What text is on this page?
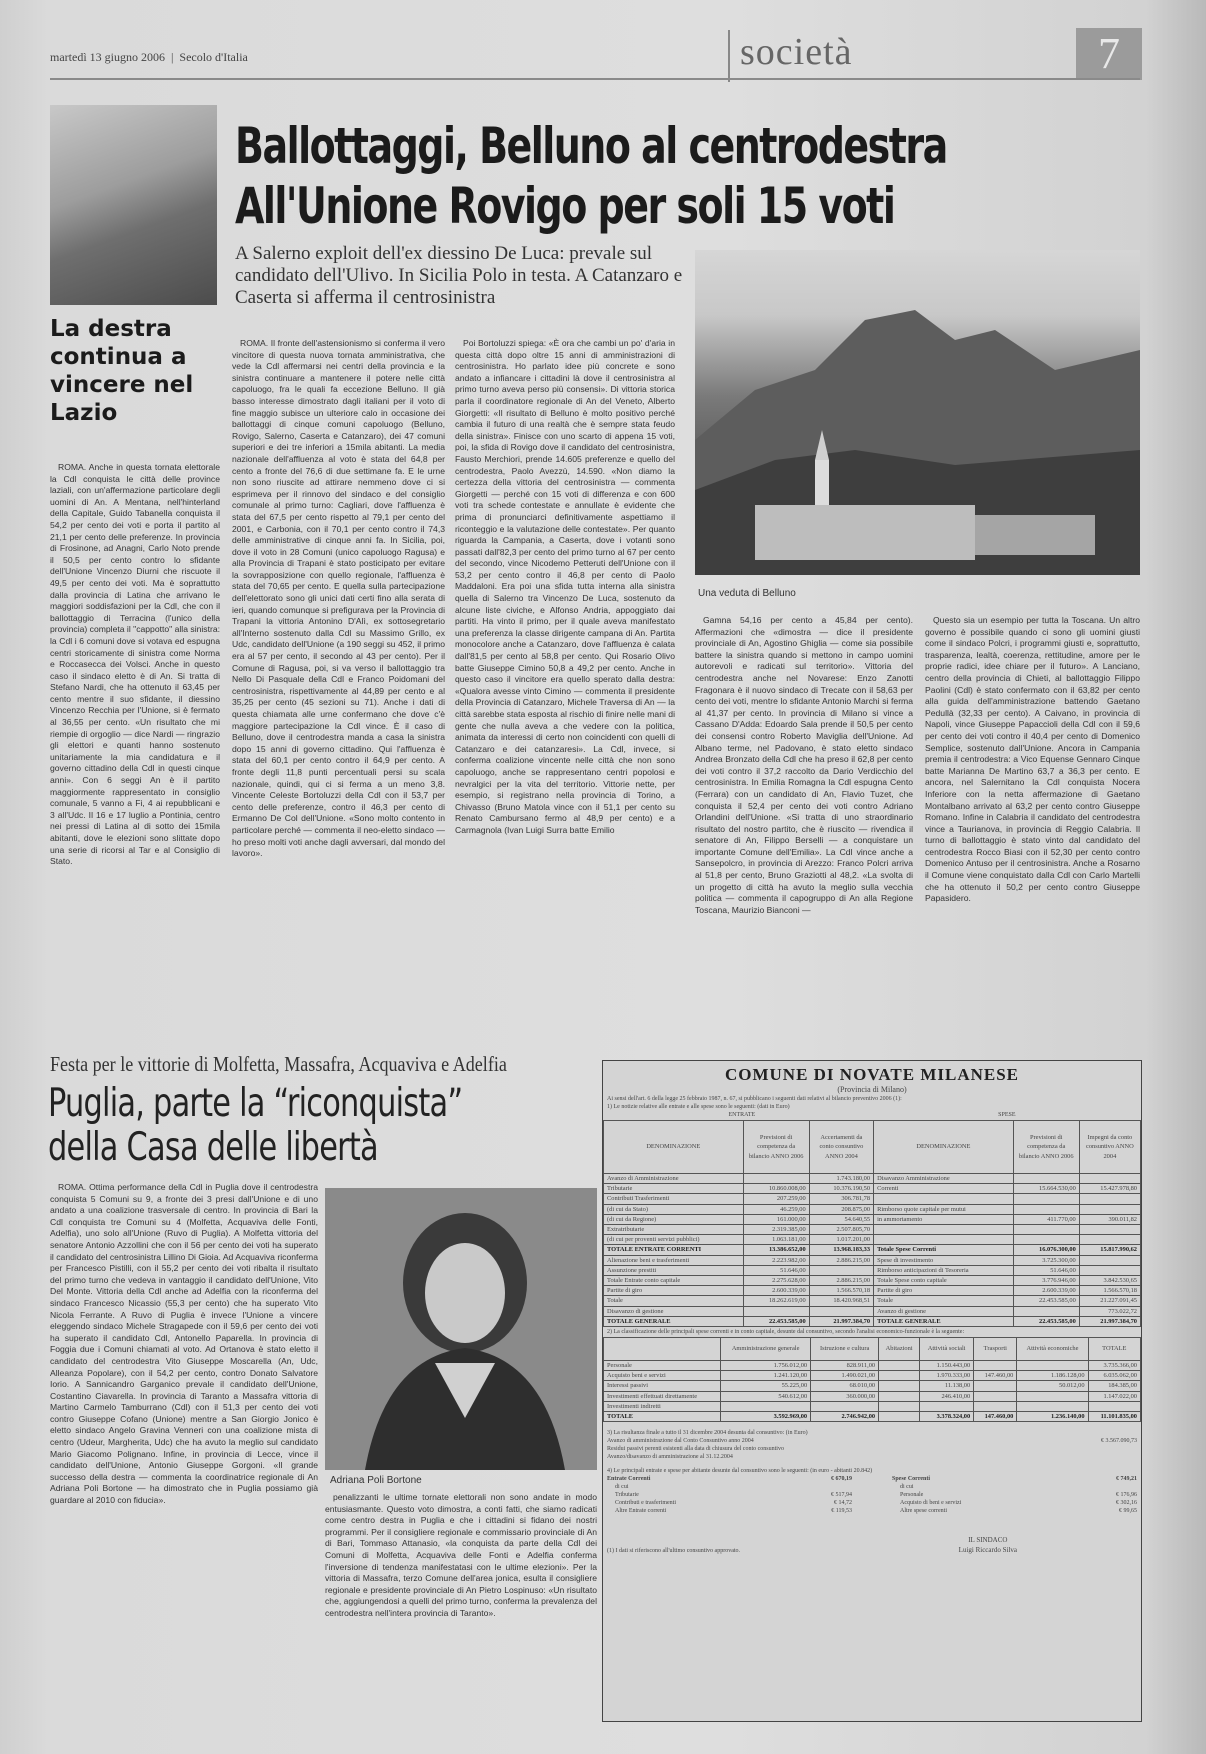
martedì 13 giugno 2006  |  Secolo d'Italia	società	7
Ballottaggi, Belluno al centrodestra
All'Unione Rovigo per soli 15 voti
A Salerno exploit dell'ex diessino De Luca: prevale sul candidato dell'Ulivo. In Sicilia Polo in testa. A Catanzaro e Caserta si afferma il centrosinistra
Una veduta di Belluno
La destra continua a vincere nel Lazio

ROMA. Anche in questa tornata elettorale la Cdl conquista le città delle province laziali, con un'affermazione particolare degli uomini di An. A Mentana, nell'hinterland della Capitale, Guido Tabanella conquista il 54,2 per cento dei voti e porta il partito al 21,1 per cento delle preferenze. In provincia di Frosinone, ad Anagni, Carlo Noto prende il 50,5 per cento contro lo sfidante dell'Unione Vincenzo Diurni che riscuote il 49,5 per cento dei voti. Ma è soprattutto dalla provincia di Latina che arrivano le maggiori soddisfazioni per la Cdl, che con il ballottaggio di Terracina (l'unico della provincia) completa il "cappotto" alla sinistra: la Cdl i 6 comuni dove si votava ed espugna centri storicamente di sinistra come Norma e Roccasecca dei Volsci. Anche in questo caso il sindaco eletto è di An. Si tratta di Stefano Nardi, che ha ottenuto il 63,45 per cento mentre il suo sfidante, il diessino Vincenzo Recchia per l'Unione, si è fermato al 36,55 per cento. «Un risultato che mi riempie di orgoglio — dice Nardi — ringrazio gli elettori e quanti hanno sostenuto unitariamente la mia candidatura e il governo cittadino della Cdl in questi cinque anni». Con 6 seggi An è il partito maggiormente rappresentato in consiglio comunale, 5 vanno a Fi, 4 ai repubblicani e 3 all'Udc. Il 16 e 17 luglio a Pontinia, centro nei pressi di Latina al di sotto dei 15mila abitanti, dove le elezioni sono slittate dopo una serie di ricorsi al Tar e al Consiglio di Stato.

ROMA. Il fronte dell'astensionismo si conferma il vero vincitore di questa nuova tornata amministrativa, che vede la Cdl affermarsi nei centri della provincia e la sinistra continuare a mantenere il potere nelle città capoluogo, fra le quali fa eccezione Belluno. Il già basso interesse dimostrato dagli italiani per il voto di fine maggio subisce un ulteriore calo in occasione dei ballottaggi di cinque comuni capoluogo (Belluno, Rovigo, Salerno, Caserta e Catanzaro), dei 47 comuni superiori e dei tre inferiori a 15mila abitanti. La media nazionale dell'affluenza al voto è stata del 64,8 per cento a fronte del 76,6 di due settimane fa. E le urne non sono riuscite ad attirare nemmeno dove ci si esprimeva per il rinnovo del sindaco e del consiglio comunale al primo turno: Cagliari, dove l'affluenza è stata del 67,5 per cento rispetto al 79,1 per cento del 2001, e Carbonia, con il 70,1 per cento contro il 74,3 delle amministrative di cinque anni fa. In Sicilia, poi, dove il voto in 28 Comuni (unico capoluogo Ragusa) e alla Provincia di Trapani è stato posticipato per evitare la sovrapposizione con quello regionale, l'affluenza è stata del 70,65 per cento. E quella sulla partecipazione dell'elettorato sono gli unici dati certi fino alla serata di ieri, quando comunque si prefigurava per la Provincia di Trapani la vittoria Antonino D'Alì, ex sottosegretario all'Interno sostenuto dalla Cdl su Massimo Grillo, ex Udc, candidato dell'Unione (a 190 seggi su 452, il primo era al 57 per cento, il secondo al 43 per cento). Per il Comune di Ragusa, poi, si va verso il ballottaggio tra Nello Di Pasquale della Cdl e Franco Poidomani del centrosinistra, rispettivamente al 44,89 per cento e al 35,25 per cento (45 sezioni su 71). Anche i dati di questa chiamata alle urne confermano che dove c'è maggiore partecipazione la Cdl vince. È il caso di Belluno, dove il centrodestra manda a casa la sinistra dopo 15 anni di governo cittadino. Qui l'affluenza è stata del 60,1 per cento contro il 64,9 per cento. A fronte degli 11,8 punti percentuali persi su scala nazionale, quindi, qui ci si ferma a un meno 3,8. Vincente Celeste Bortoluzzi della Cdl con il 53,7 per cento delle preferenze, contro il 46,3 per cento di Ermanno De Col dell'Unione. «Sono molto contento in particolare perché — commenta il neo-eletto sindaco — ho preso molti voti anche dagli avversari, dal mondo del lavoro».

Poi Bortoluzzi spiega: «È ora che cambi un po' d'aria in questa città dopo oltre 15 anni di amministrazioni di centrosinistra. Ho parlato idee più concrete e sono andato a infiancare i cittadini là dove il centrosinistra al primo turno aveva perso più consensi». Di vittoria storica parla il coordinatore regionale di An del Veneto, Alberto Giorgetti: «Il risultato di Belluno è molto positivo perché cambia il futuro di una realtà che è sempre stata feudo della sinistra». Finisce con uno scarto di appena 15 voti, poi, la sfida di Rovigo dove il candidato del centrosinistra, Fausto Merchiori, prende 14.605 preferenze e quello del centrodestra, Paolo Avezzù, 14.590. «Non diamo la certezza della vittoria del centrosinistra — commenta Giorgetti — perché con 15 voti di differenza e con 600 voti tra schede contestate e annullate è evidente che prima di pronunciarci definitivamente aspettiamo il riconteggio e la valutazione delle contestate». Per quanto riguarda la Campania, a Caserta, dove i votanti sono passati dall'82,3 per cento del primo turno al 67 per cento del secondo, vince Nicodemo Petteruti dell'Unione con il 53,2 per cento contro il 46,8 per cento di Paolo Maddaloni. Era poi una sfida tutta interna alla sinistra quella di Salerno tra Vincenzo De Luca, sostenuto da alcune liste civiche, e Alfonso Andria, appoggiato dai partiti. Ha vinto il primo, per il quale aveva manifestato una preferenza la classe dirigente campana di An. Partita monocolore anche a Catanzaro, dove l'affluenza è calata dall'81,5 per cento al 58,8 per cento. Qui Rosario Olivo batte Giuseppe Cimino 50,8 a 49,2 per cento. Anche in questo caso il vincitore era quello sperato dalla destra: «Qualora avesse vinto Cimino — commenta il presidente della Provincia di Catanzaro, Michele Traversa di An — la città sarebbe stata esposta al rischio di finire nelle mani di gente che nulla aveva a che vedere con la politica, animata da interessi di certo non coincidenti con quelli di Catanzaro e dei catanzaresi». La Cdl, invece, si conferma coalizione vincente nelle città che non sono capoluogo, anche se rappresentano centri popolosi e nevralgici per la vita del territorio. Vittorie nette, per esempio, si registrano nella provincia di Torino, a Chivasso (Bruno Matola vince con il 51,1 per cento su Renato Cambursano fermo al 48,9 per cento) e a Carmagnola (Ivan Luigi Surra batte Emilio

Gamna 54,16 per cento a 45,84 per cento). Affermazioni che «dimostra — dice il presidente provinciale di An, Agostino Ghiglia — come sia possibile battere la sinistra quando si mettono in campo uomini autorevoli e radicati sul territorio». Vittoria del centrodestra anche nel Novarese: Enzo Zanotti Fragonara è il nuovo sindaco di Trecate con il 58,63 per cento dei voti, mentre lo sfidante Antonio Marchi si ferma al 41,37 per cento. In provincia di Milano si vince a Cassano D'Adda: Edoardo Sala prende il 50,5 per cento dei consensi contro Roberto Maviglia dell'Unione. Ad Albano terme, nel Padovano, è stato eletto sindaco Andrea Bronzato della Cdl che ha preso il 62,8 per cento dei voti contro il 37,2 raccolto da Dario Verdicchio del centrosinistra. In Emilia Romagna la Cdl espugna Cento (Ferrara) con un candidato di An, Flavio Tuzet, che conquista il 52,4 per cento dei voti contro Adriano Orlandini dell'Unione. «Si tratta di uno straordinario risultato del nostro partito, che è riuscito — rivendica il senatore di An, Filippo Berselli — a conquistare un importante Comune dell'Emilia». La Cdl vince anche a Sansepolcro, in provincia di Arezzo: Franco Polcri arriva al 51,8 per cento, Bruno Graziotti al 48,2. «La svolta di un progetto di città ha avuto la meglio sulla vecchia politica — commenta il capogruppo di An alla Regione Toscana, Maurizio Bianconi —

Questo sia un esempio per tutta la Toscana. Un altro governo è possibile quando ci sono gli uomini giusti come il sindaco Polcri, i programmi giusti e, soprattutto, trasparenza, lealtà, coerenza, rettitudine, amore per le proprie radici, idee chiare per il futuro». A Lanciano, centro della provincia di Chieti, al ballottaggio Filippo Paolini (Cdl) è stato confermato con il 63,82 per cento alla guida dell'amministrazione battendo Gaetano Pedullà (32,33 per cento). A Caivano, in provincia di Napoli, vince Giuseppe Papaccioli della Cdl con il 59,6 per cento dei voti contro il 40,4 per cento di Domenico Semplice, sostenuto dall'Unione. Ancora in Campania premia il centrodestra: a Vico Equense Gennaro Cinque batte Marianna De Martino 63,7 a 36,3 per cento. E ancora, nel Salernitano la Cdl conquista Nocera Inferiore con la netta affermazione di Gaetano Montalbano arrivato al 63,2 per cento contro Giuseppe Romano. Infine in Calabria il candidato del centrodestra vince a Taurianova, in provincia di Reggio Calabria. Il turno di ballottaggio è stato vinto dal candidato del centrodestra Rocco Biasi con il 52,30 per cento contro Domenico Antuso per il centrosinistra. Anche a Rosarno il Comune viene conquistato dalla Cdl con Carlo Martelli che ha ottenuto il 50,2 per cento contro Giuseppe Papasidero.

Festa per le vittorie di Molfetta, Massafra, Acquaviva e Adelfia
Puglia, parte la “riconquista”
della Casa delle libertà

ROMA. Ottima performance della Cdl in Puglia dove il centrodestra conquista 5 Comuni su 9, a fronte dei 3 presi dall'Unione e di uno andato a una coalizione trasversale di centro. In provincia di Bari la Cdl conquista tre Comuni su 4 (Molfetta, Acquaviva delle Fonti, Adelfia), uno solo all'Unione (Ruvo di Puglia). A Molfetta vittoria del senatore Antonio Azzollini che con il 56 per cento dei voti ha superato il candidato del centrosinistra Lillino Di Gioia. Ad Acquaviva riconferma per Francesco Pistilli, con il 55,2 per cento dei voti ribalta il risultato del primo turno che vedeva in vantaggio il candidato dell'Unione, Vito Del Monte. Vittoria della Cdl anche ad Adelfia con la riconferma del sindaco Francesco Nicassio (55,3 per cento) che ha superato Vito Nicola Ferrante. A Ruvo di Puglia è invece l'Unione a vincere eleggendo sindaco Michele Stragapede con il 59,6 per cento dei voti ha superato il candidato Cdl, Antonello Paparella. In provincia di Foggia due i Comuni chiamati al voto. Ad Ortanova è stato eletto il candidato del centrodestra Vito Giuseppe Moscarella (An, Udc, Alleanza Popolare), con il 54,2 per cento, contro Donato Salvatore Iorio. A Sannicandro Garganico prevale il candidato dell'Unione, Costantino Ciavarella. In provincia di Taranto a Massafra vittoria di Martino Carmelo Tamburrano (Cdl) con il 51,3 per cento dei voti contro Giuseppe Cofano (Unione) mentre a San Giorgio Jonico è eletto sindaco Angelo Gravina Venneri con una coalizione mista di centro (Udeur, Margherita, Udc) che ha avuto la meglio sul candidato Mario Giacomo Polignano. Infine, in provincia di Lecce, vince il candidato dell'Unione, Antonio Giuseppe Gorgoni. «Il grande successo della destra — commenta la coordinatrice regionale di An Adriana Poli Bortone — ha dimostrato che in Puglia possiamo già guardare al 2010 con fiducia».

Adriana Poli Bortone

penalizzanti le ultime tornate elettorali non sono andate in modo entusiasmante. Questo voto dimostra, a conti fatti, che siamo radicati come centro destra in Puglia e che i cittadini si fidano dei nostri programmi. Per il consigliere regionale e commissario provinciale di An di Bari, Tommaso Attanasio, «la conquista da parte della Cdl dei Comuni di Molfetta, Acquaviva delle Fonti e Adelfia conferma l'inversione di tendenza manifestatasi con le ultime elezioni». Per la vittoria di Massafra, terzo Comune dell'area jonica, esulta il consigliere regionale e presidente provinciale di An Pietro Lospinuso: «Un risultato che, aggiungendosi a quelli del primo turno, conferma la prevalenza del centrodestra nell'intera provincia di Taranto».

COMUNE DI NOVATE MILANESE
(Provincia di Milano)
Ai sensi dell'art. 6 della legge 25 febbraio 1987, n. 67, si pubblicano i seguenti dati relativi al bilancio preventivo 2006 (1):
1) Le notizie relative alle entrate e alle spese sono le seguenti: (dati in Euro)
ENTRATE	SPESE
DENOMINAZIONE	Previsioni di competenza da bilancio ANNO 2006	Accertamenti da conto consuntivo ANNO 2004	DENOMINAZIONE	Previsioni di competenza da bilancio ANNO 2006	Impegni da conto consuntivo ANNO 2004
Avanzo di Amministrazione		1.743.180,00	Disavanzo Amministrazione		
Tributarie	10.860.008,00	10.376.190,50	Correnti	15.664.530,00	15.427.978,80
Contributi Trasferimenti	207.259,00	306.781,78			
(di cui da Stato)	46.259,00	208.875,00	Rimborso quote capitale per mutui		
(di cui da Regione)	161.000,00	54.640,55	in ammortamento	411.770,00	390.011,82
Extratributarie	2.319.385,00	2.507.805,70			
(di cui per proventi servizi pubblici)	1.063.181,00	1.017.201,00			
TOTALE ENTRATE CORRENTI	13.386.652,00	13.968.183,33	Totale Spese Correnti	16.076.300,00	15.817.990,62
Alienazione beni e trasferimenti	2.223.982,00	2.886.215,00	Spese di investimento	3.725.300,00	
Assunzione prestiti	51.646,00		Rimborso anticipazioni di Tesoreria	51.646,00	
Totale Entrate conto capitale	2.275.628,00	2.886.215,00	Totale Spese conto capitale	3.776.946,00	3.842.530,65
Partite di giro	2.600.339,00	1.566.570,18	Partite di giro	2.600.339,00	1.566.570,18
Totale	18.262.619,00	18.420.968,51	Totale	22.453.585,00	21.227.091,45
Disavanzo di gestione			Avanzo di gestione		773.022,72
TOTALE GENERALE	22.453.585,00	21.997.384,70	TOTALE GENERALE	22.453.585,00	21.997.384,70
2) La classificazione delle principali spese correnti e in conto capitale, desunte dal consuntivo, secondo l'analisi economico-funzionale è la seguente:
	Amministrazione generale	Istruzione e cultura	Abitazioni	Attività sociali	Trasporti	Attività economiche	TOTALE
Personale	1.756.012,00	828.911,00		1.150.443,00			3.735.366,00
Acquisto beni e servizi	1.241.120,00	1.490.021,00		1.970.333,00	147.460,00	1.186.128,00	6.035.062,00
Interessi passivi	55.225,00	68.010,00		11.138,00		50.012,00	184.385,00
Investimenti effettuati direttamente	540.612,00	360.000,00		246.410,00			1.147.022,00
Investimenti indiretti							
TOTALE	3.592.969,00	2.746.942,00		3.378.324,00	147.460,00	1.236.140,00	11.101.835,00
3) La risultanza finale a tutto il 31 dicembre 2004 desunta dal consuntivo: (in Euro)
Avanzo di amministrazione dal Conto Consuntivo anno 2004	€ 3.567.090,73
Residui passivi perenti esistenti alla data di chiusura del conto consuntivo
Avanzo/disavanzo di amministrazione al 31.12.2004
4) Le principali entrate e spese per abitante desunte dal consuntivo sono le seguenti: (in euro - abitanti 20.842)
Entrate Correnti	€ 670,19
di cui
Tributarie	€ 517,94
Contributi e trasferimenti	€ 14,72
Altre Entrate correnti	€ 119,53
Spese Correnti	€ 749,21
di cui
Personale	€ 176,96
Acquisto di beni e servizi	€ 302,16
Altre spese correnti	€ 99,65
(1) I dati si riferiscono all'ultimo consuntivo approvato.
IL SINDACO
Luigi Riccardo Silva
